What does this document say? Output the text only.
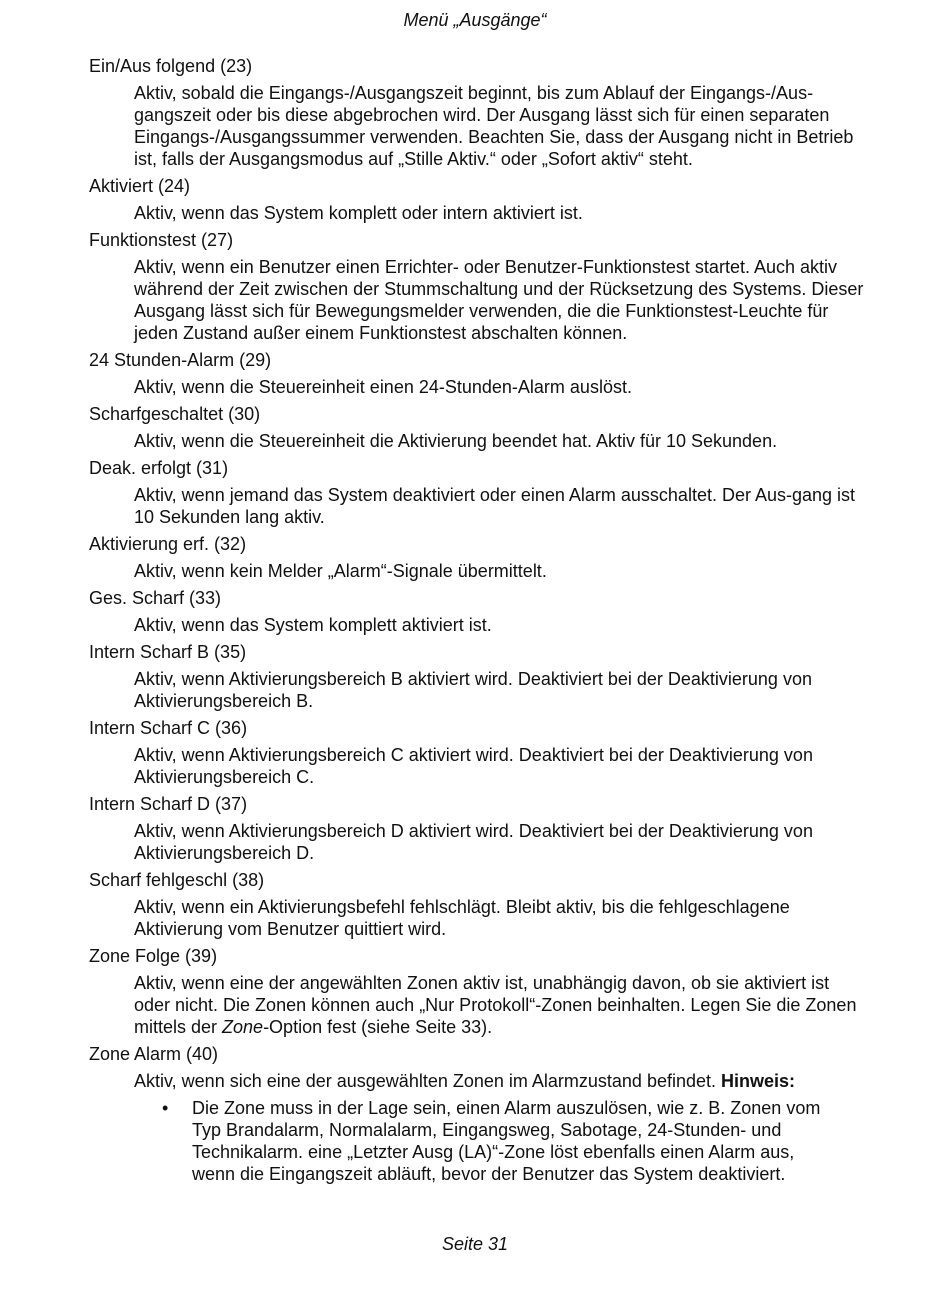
Menü „Ausgänge“
Ein/Aus folgend (23)
Aktiv, sobald die Eingangs-/Ausgangszeit beginnt, bis zum Ablauf der Eingangs-/Aus-gangszeit oder bis diese abgebrochen wird. Der Ausgang lässt sich für einen separaten Eingangs-/Ausgangssummer verwenden. Beachten Sie, dass der Ausgang nicht in Betrieb ist, falls der Ausgangsmodus auf „Stille Aktiv.“ oder „Sofort aktiv“ steht.
Aktiviert (24)
Aktiv, wenn das System komplett oder intern aktiviert ist.
Funktionstest (27)
Aktiv, wenn ein Benutzer einen Errichter- oder Benutzer-Funktionstest startet. Auch aktiv während der Zeit zwischen der Stummschaltung und der Rücksetzung des Systems. Dieser Ausgang lässt sich für Bewegungsmelder verwenden, die die Funktionstest-Leuchte für jeden Zustand außer einem Funktionstest abschalten können.
24 Stunden-Alarm (29)
Aktiv, wenn die Steuereinheit einen 24-Stunden-Alarm auslöst.
Scharfgeschaltet (30)
Aktiv, wenn die Steuereinheit die Aktivierung beendet hat. Aktiv für 10 Sekunden.
Deak. erfolgt (31)
Aktiv, wenn jemand das System deaktiviert oder einen Alarm ausschaltet. Der Aus-gang ist 10 Sekunden lang aktiv.
Aktivierung erf. (32)
Aktiv, wenn kein Melder „Alarm“-Signale übermittelt.
Ges. Scharf (33)
Aktiv, wenn das System komplett aktiviert ist.
Intern Scharf B (35)
Aktiv, wenn Aktivierungsbereich B aktiviert wird. Deaktiviert bei der Deaktivierung von Aktivierungsbereich B.
Intern Scharf C (36)
Aktiv, wenn Aktivierungsbereich C aktiviert wird. Deaktiviert bei der Deaktivierung von Aktivierungsbereich C.
Intern Scharf D (37)
Aktiv, wenn Aktivierungsbereich D aktiviert wird. Deaktiviert bei der Deaktivierung von Aktivierungsbereich D.
Scharf fehlgeschl (38)
Aktiv, wenn ein Aktivierungsbefehl fehlschlägt. Bleibt aktiv, bis die fehlgeschlagene Aktivierung vom Benutzer quittiert wird.
Zone Folge (39)
Aktiv, wenn eine der angewählten Zonen aktiv ist, unabhängig davon, ob sie aktiviert ist oder nicht. Die Zonen können auch „Nur Protokoll“-Zonen beinhalten. Legen Sie die Zonen mittels der Zone-Option fest (siehe Seite 33).
Zone Alarm (40)
Aktiv, wenn sich eine der ausgewählten Zonen im Alarmzustand befindet. Hinweis:
• Die Zone muss in der Lage sein, einen Alarm auszulösen, wie z. B. Zonen vom Typ Brandalarm, Normalalarm, Eingangsweg, Sabotage, 24-Stunden- und Technikalarm. eine „Letzter Ausg (LA)“-Zone löst ebenfalls einen Alarm aus, wenn die Eingangszeit abläuft, bevor der Benutzer das System deaktiviert.
Seite 31
